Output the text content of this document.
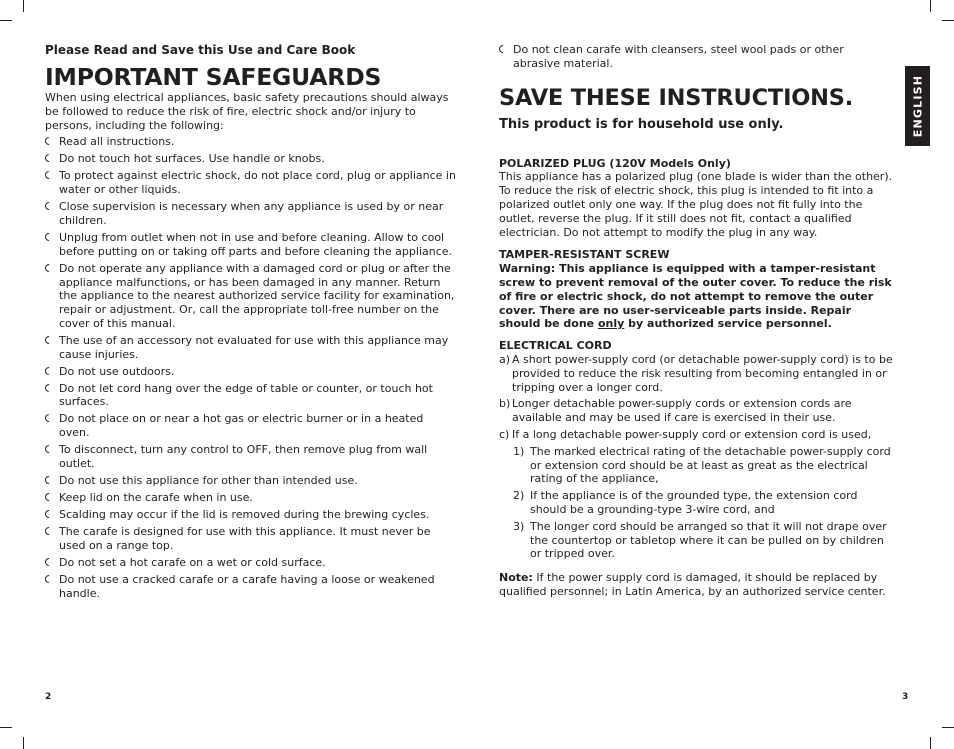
Please Read and Save this Use and Care Book
IMPORTANT SAFEGUARDS
When using electrical appliances, basic safety precautions should always be followed to reduce the risk of fire, electric shock and/or injury to persons, including the following:
Read all instructions.
Do not touch hot surfaces. Use handle or knobs.
To protect against electric shock, do not place cord, plug or appliance in water or other liquids.
Close supervision is necessary when any appliance is used by or near children.
Unplug from outlet when not in use and before cleaning. Allow to cool before putting on or taking off parts and before cleaning the appliance.
Do not operate any appliance with a damaged cord or plug or after the appliance malfunctions, or has been damaged in any manner. Return the appliance to the nearest authorized service facility for examination, repair or adjustment. Or, call the appropriate toll-free number on the cover of this manual.
The use of an accessory not evaluated for use with this appliance may cause injuries.
Do not use outdoors.
Do not let cord hang over the edge of table or counter, or touch hot surfaces.
Do not place on or near a hot gas or electric burner or in a heated oven.
To disconnect, turn any control to OFF, then remove plug from wall outlet.
Do not use this appliance for other than intended use.
Keep lid on the carafe when in use.
Scalding may occur if the lid is removed during the brewing cycles.
The carafe is designed for use with this appliance. It must never be used on a range top.
Do not set a hot carafe on a wet or cold surface.
Do not use a cracked carafe or a carafe having a loose or weakened handle.
Do not clean carafe with cleansers, steel wool pads or other abrasive material.
SAVE THESE INSTRUCTIONS.
This product is for household use only.
POLARIZED PLUG (120V Models Only)
This appliance has a polarized plug (one blade is wider than the other). To reduce the risk of electric shock, this plug is intended to fit into a polarized outlet only one way. If the plug does not fit fully into the outlet, reverse the plug. If it still does not fit, contact a qualified electrician. Do not attempt to modify the plug in any way.
TAMPER-RESISTANT SCREW
Warning: This appliance is equipped with a tamper-resistant screw to prevent removal of the outer cover. To reduce the risk of fire or electric shock, do not attempt to remove the outer cover. There are no user-serviceable parts inside. Repair should be done only by authorized service personnel.
ELECTRICAL CORD
a) A short power-supply cord (or detachable power-supply cord) is to be provided to reduce the risk resulting from becoming entangled in or tripping over a longer cord.
b) Longer detachable power-supply cords or extension cords are available and may be used if care is exercised in their use.
c) If a long detachable power-supply cord or extension cord is used,
1) The marked electrical rating of the detachable power-supply cord or extension cord should be at least as great as the electrical rating of the appliance,
2) If the appliance is of the grounded type, the extension cord should be a grounding-type 3-wire cord, and
3) The longer cord should be arranged so that it will not drape over the countertop or tabletop where it can be pulled on by children or tripped over.
Note: If the power supply cord is damaged, it should be replaced by qualified personnel; in Latin America, by an authorized service center.
ENGLISH
2	3
